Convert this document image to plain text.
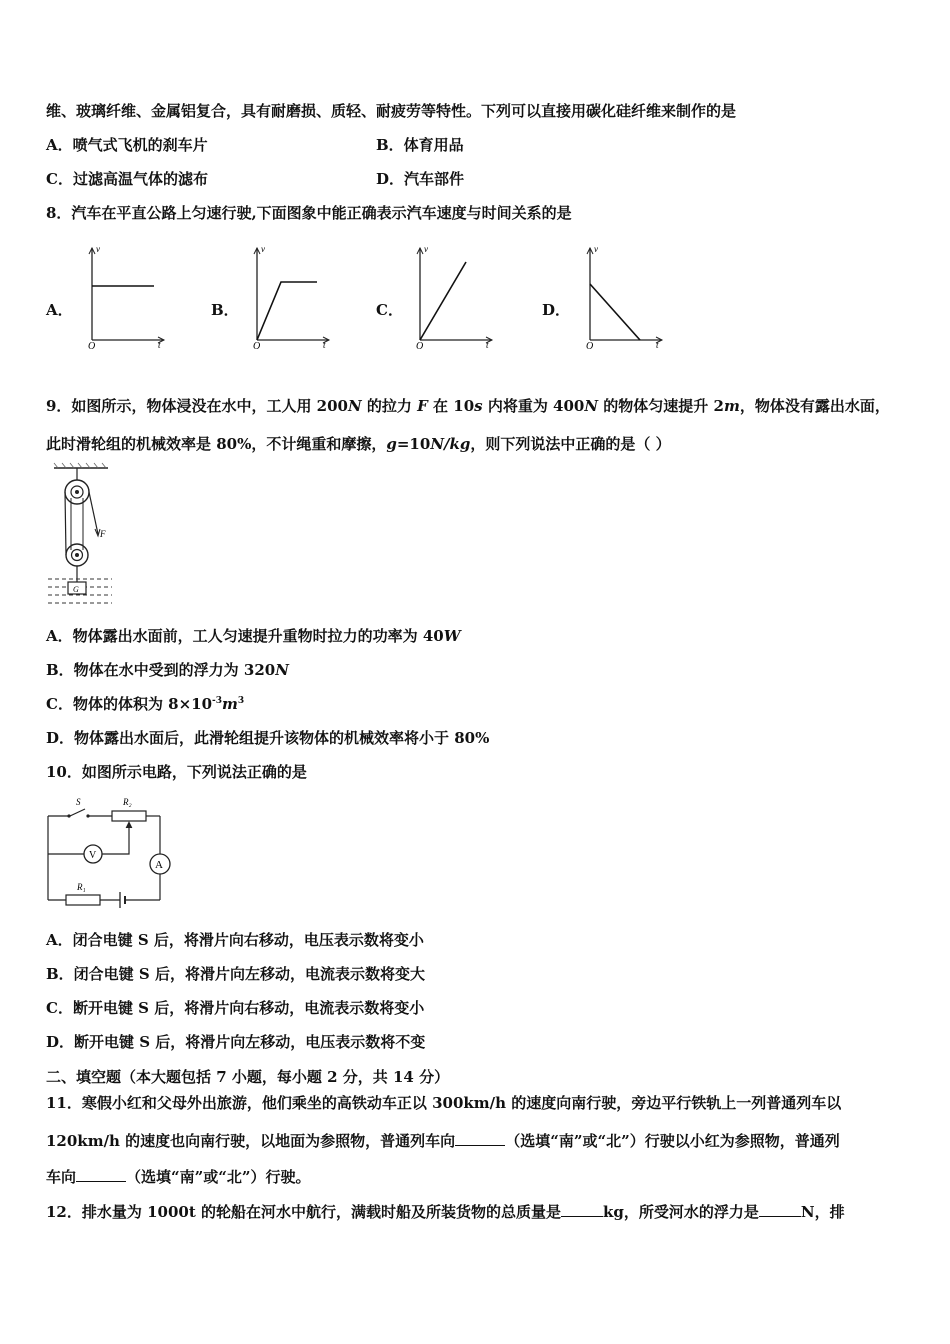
维、玻璃纤维、金属铝复合，具有耐磨损、质轻、耐疲劳等特性。下列可以直接用碳化硅纤维来制作的是
A．喷气式飞机的刹车片	B．体育用品
C．过滤高温气体的滤布	D．汽车部件
8．汽车在平直公路上匀速行驶,下面图象中能正确表示汽车速度与时间关系的是
A．
v
t
O
B．
v
t
O
C．
v
t
O
D．
v
t
O
9．如图所示，物体浸没在水中，工人用 200N 的拉力 F 在 10s 内将重为 400N 的物体匀速提升 2m，物体没有露出水面，
此时滑轮组的机械效率是 80%，不计绳重和摩擦，g=10N/kg，则下列说法中正确的是（ ）
F
G
A．物体露出水面前，工人匀速提升重物时拉力的功率为 40W
B．物体在水中受到的浮力为 320N
C．物体的体积为 $8\times 10^{-3}m^3$
D．物体露出水面后，此滑轮组提升该物体的机械效率将小于 80%
10．如图所示电路，下列说法正确的是
S	R₂
V
A
R₁
A．闭合电键 S 后，将滑片向右移动，电压表示数将变小
B．闭合电键 S 后，将滑片向左移动，电流表示数将变大
C．断开电键 S 后，将滑片向右移动，电流表示数将变小
D．断开电键 S 后，将滑片向左移动，电压表示数将不变
二、填空题（本大题包括 7 小题，每小题 2 分，共 14 分）
11．寒假小红和父母外出旅游，他们乘坐的高铁动车正以 300km/h 的速度向南行驶，旁边平行铁轨上一列普通列车以
120km/h 的速度也向南行驶，以地面为参照物，普通列车向	（选填“南”或“北”）行驶以小红为参照物，普通列
车向	（选填“南”或“北”）行驶。
12．排水量为 1000t 的轮船在河水中航行，满载时船及所装货物的总质量是	kg，所受河水的浮力是	N，排
